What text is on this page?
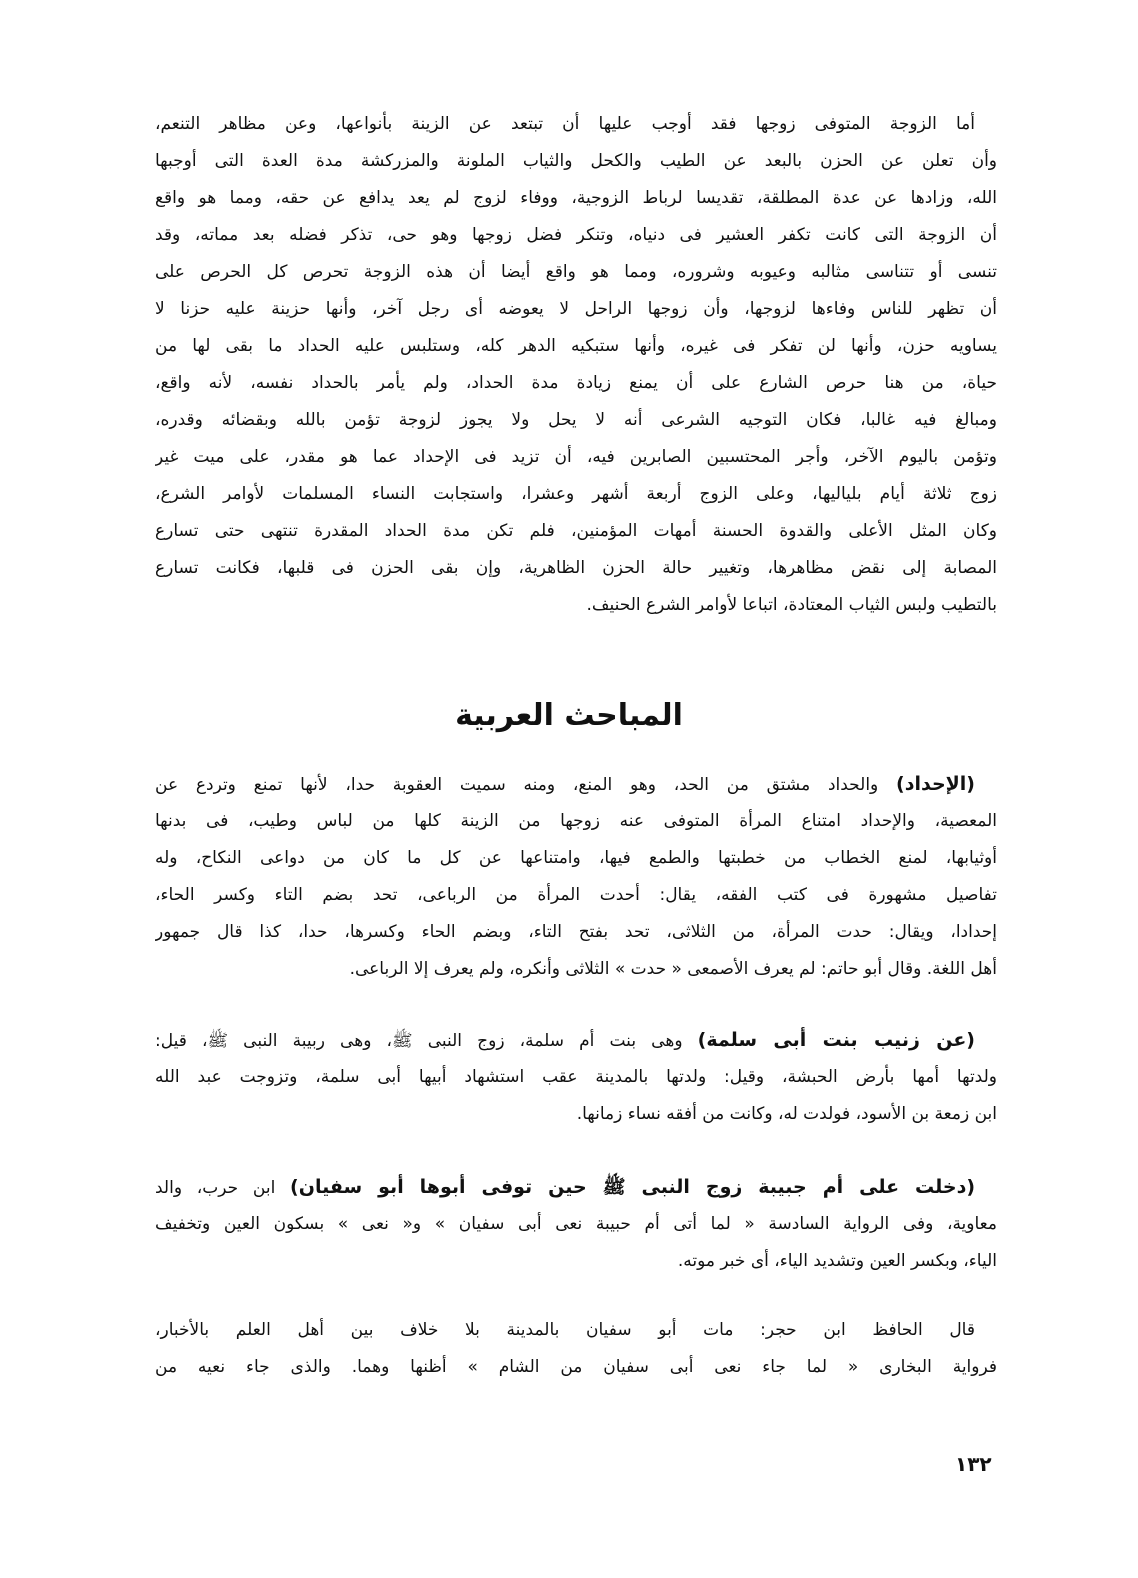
أما الزوجة المتوفى زوجها فقد أوجب عليها أن تبتعد عن الزينة بأنواعها، وعن مظاهر التنعم،
وأن تعلن عن الحزن بالبعد عن الطيب والكحل والثياب الملونة والمزركشة مدة العدة التى أوجبها
الله، وزادها عن عدة المطلقة، تقديسا لرباط الزوجية، ووفاء لزوج لم يعد يدافع عن حقه، ومما هو واقع
أن الزوجة التى كانت تكفر العشير فى دنياه، وتنكر فضل زوجها وهو حى، تذكر فضله بعد مماته، وقد
تنسى أو تتناسى مثالبه وعيوبه وشروره، ومما هو واقع أيضا أن هذه الزوجة تحرص كل الحرص على
أن تظهر للناس وفاءها لزوجها، وأن زوجها الراحل لا يعوضه أى رجل آخر، وأنها حزينة عليه حزنا لا
يساويه حزن، وأنها لن تفكر فى غيره، وأنها ستبكيه الدهر كله، وستلبس عليه الحداد ما بقى لها من
حياة، من هنا حرص الشارع على أن يمنع زيادة مدة الحداد، ولم يأمر بالحداد نفسه، لأنه واقع،
ومبالغ فيه غالبا، فكان التوجيه الشرعى أنه لا يحل ولا يجوز لزوجة تؤمن بالله وبقضائه وقدره،
وتؤمن باليوم الآخر، وأجر المحتسبين الصابرين فيه، أن تزيد فى الإحداد عما هو مقدر، على ميت غير
زوج ثلاثة أيام بلياليها، وعلى الزوج أربعة أشهر وعشرا، واستجابت النساء المسلمات لأوامر الشرع،
وكان المثل الأعلى والقدوة الحسنة أمهات المؤمنين، فلم تكن مدة الحداد المقدرة تنتهى حتى تسارع
المصابة إلى نقض مظاهرها، وتغيير حالة الحزن الظاهرية، وإن بقى الحزن فى قلبها، فكانت تسارع
بالتطيب ولبس الثياب المعتادة، اتباعا لأوامر الشرع الحنيف.
المباحث العربية
(الإحداد) والحداد مشتق من الحد، وهو المنع، ومنه سميت العقوبة حدا، لأنها تمنع وتردع عن
المعصية، والإحداد امتناع المرأة المتوفى عنه زوجها من الزينة كلها من لباس وطيب، فى بدنها
أوثيابها، لمنع الخطاب من خطبتها والطمع فيها، وامتناعها عن كل ما كان من دواعى النكاح، وله
تفاصيل مشهورة فى كتب الفقه، يقال: أحدت المرأة من الرباعى، تحد بضم التاء وكسر الحاء،
إحدادا، ويقال: حدت المرأة، من الثلاثى، تحد بفتح التاء، وبضم الحاء وكسرها، حدا، كذا قال جمهور
أهل اللغة. وقال أبو حاتم: لم يعرف الأصمعى « حدت » الثلاثى وأنكره، ولم يعرف إلا الرباعى.
(عن زنيب بنت أبى سلمة) وهى بنت أم سلمة، زوج النبى ﷺ، وهى ربيبة النبى ﷺ، قيل:
ولدتها أمها بأرض الحبشة، وقيل: ولدتها بالمدينة عقب استشهاد أبيها أبى سلمة، وتزوجت عبد الله
ابن زمعة بن الأسود، فولدت له، وكانت من أفقه نساء زمانها.
(دخلت على أم جبيبة زوج النبى ﷺ حين توفى أبوها أبو سفيان) ابن حرب، والد
معاوية، وفى الرواية السادسة « لما أتى أم حبيبة نعى أبى سفيان » و« نعى » بسكون العين وتخفيف
الياء، وبكسر العين وتشديد الياء، أى خبر موته.
قال الحافظ ابن حجر: مات أبو سفيان بالمدينة بلا خلاف بين أهل العلم بالأخبار،
فرواية البخارى « لما جاء نعى أبى سفيان من الشام » أظنها وهما. والذى جاء نعيه من
١٣٢
